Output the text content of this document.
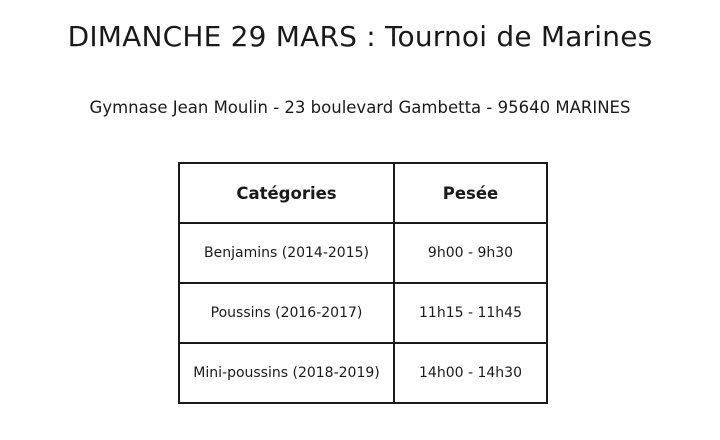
DIMANCHE 29 MARS : Tournoi de Marines

Gymnase Jean Moulin - 23 boulevard Gambetta - 95640 MARINES

Catégories	Pesée
Benjamins (2014-2015)	9h00 - 9h30
Poussins (2016-2017)	11h15 - 11h45
Mini-poussins (2018-2019)	14h00 - 14h30
